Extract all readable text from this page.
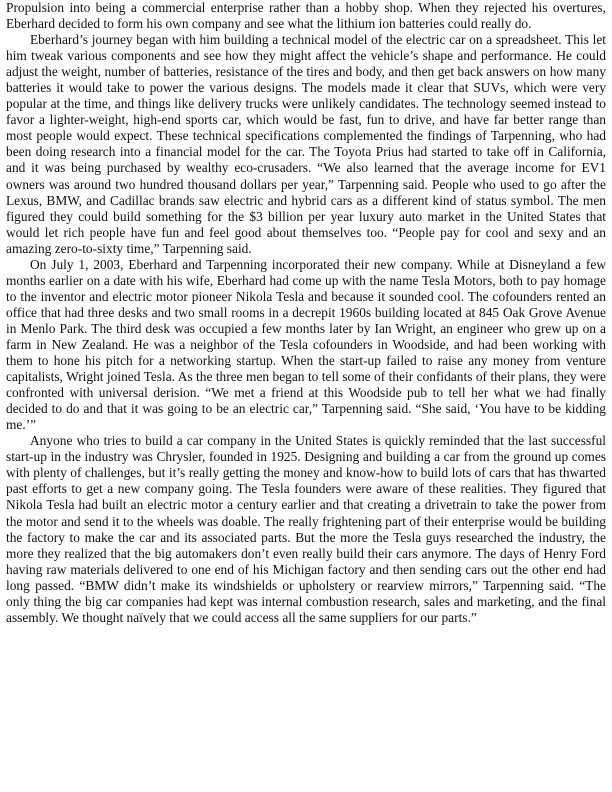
Propulsion into being a commercial enterprise rather than a hobby shop. When they rejected his overtures, Eberhard decided to form his own company and see what the lithium ion batteries could really do.

Eberhard’s journey began with him building a technical model of the electric car on a spreadsheet. This let him tweak various components and see how they might affect the vehicle’s shape and performance. He could adjust the weight, number of batteries, resistance of the tires and body, and then get back answers on how many batteries it would take to power the various designs. The models made it clear that SUVs, which were very popular at the time, and things like delivery trucks were unlikely candidates. The technology seemed instead to favor a lighter-weight, high-end sports car, which would be fast, fun to drive, and have far better range than most people would expect. These technical specifications complemented the findings of Tarpenning, who had been doing research into a financial model for the car. The Toyota Prius had started to take off in California, and it was being purchased by wealthy eco-crusaders. “We also learned that the average income for EV1 owners was around two hundred thousand dollars per year,” Tarpenning said. People who used to go after the Lexus, BMW, and Cadillac brands saw electric and hybrid cars as a different kind of status symbol. The men figured they could build something for the $3 billion per year luxury auto market in the United States that would let rich people have fun and feel good about themselves too. “People pay for cool and sexy and an amazing zero-to-sixty time,” Tarpenning said.

On July 1, 2003, Eberhard and Tarpenning incorporated their new company. While at Disneyland a few months earlier on a date with his wife, Eberhard had come up with the name Tesla Motors, both to pay homage to the inventor and electric motor pioneer Nikola Tesla and because it sounded cool. The cofounders rented an office that had three desks and two small rooms in a decrepit 1960s building located at 845 Oak Grove Avenue in Menlo Park. The third desk was occupied a few months later by Ian Wright, an engineer who grew up on a farm in New Zealand. He was a neighbor of the Tesla cofounders in Woodside, and had been working with them to hone his pitch for a networking startup. When the start-up failed to raise any money from venture capitalists, Wright joined Tesla. As the three men began to tell some of their confidants of their plans, they were confronted with universal derision. “We met a friend at this Woodside pub to tell her what we had finally decided to do and that it was going to be an electric car,” Tarpenning said. “She said, ‘You have to be kidding me.’”

Anyone who tries to build a car company in the United States is quickly reminded that the last successful start-up in the industry was Chrysler, founded in 1925. Designing and building a car from the ground up comes with plenty of challenges, but it’s really getting the money and know-how to build lots of cars that has thwarted past efforts to get a new company going. The Tesla founders were aware of these realities. They figured that Nikola Tesla had built an electric motor a century earlier and that creating a drivetrain to take the power from the motor and send it to the wheels was doable. The really frightening part of their enterprise would be building the factory to make the car and its associated parts. But the more the Tesla guys researched the industry, the more they realized that the big automakers don’t even really build their cars anymore. The days of Henry Ford having raw materials delivered to one end of his Michigan factory and then sending cars out the other end had long passed. “BMW didn’t make its windshields or upholstery or rearview mirrors,” Tarpenning said. “The only thing the big car companies had kept was internal combustion research, sales and marketing, and the final assembly. We thought naïvely that we could access all the same suppliers for our parts.”
